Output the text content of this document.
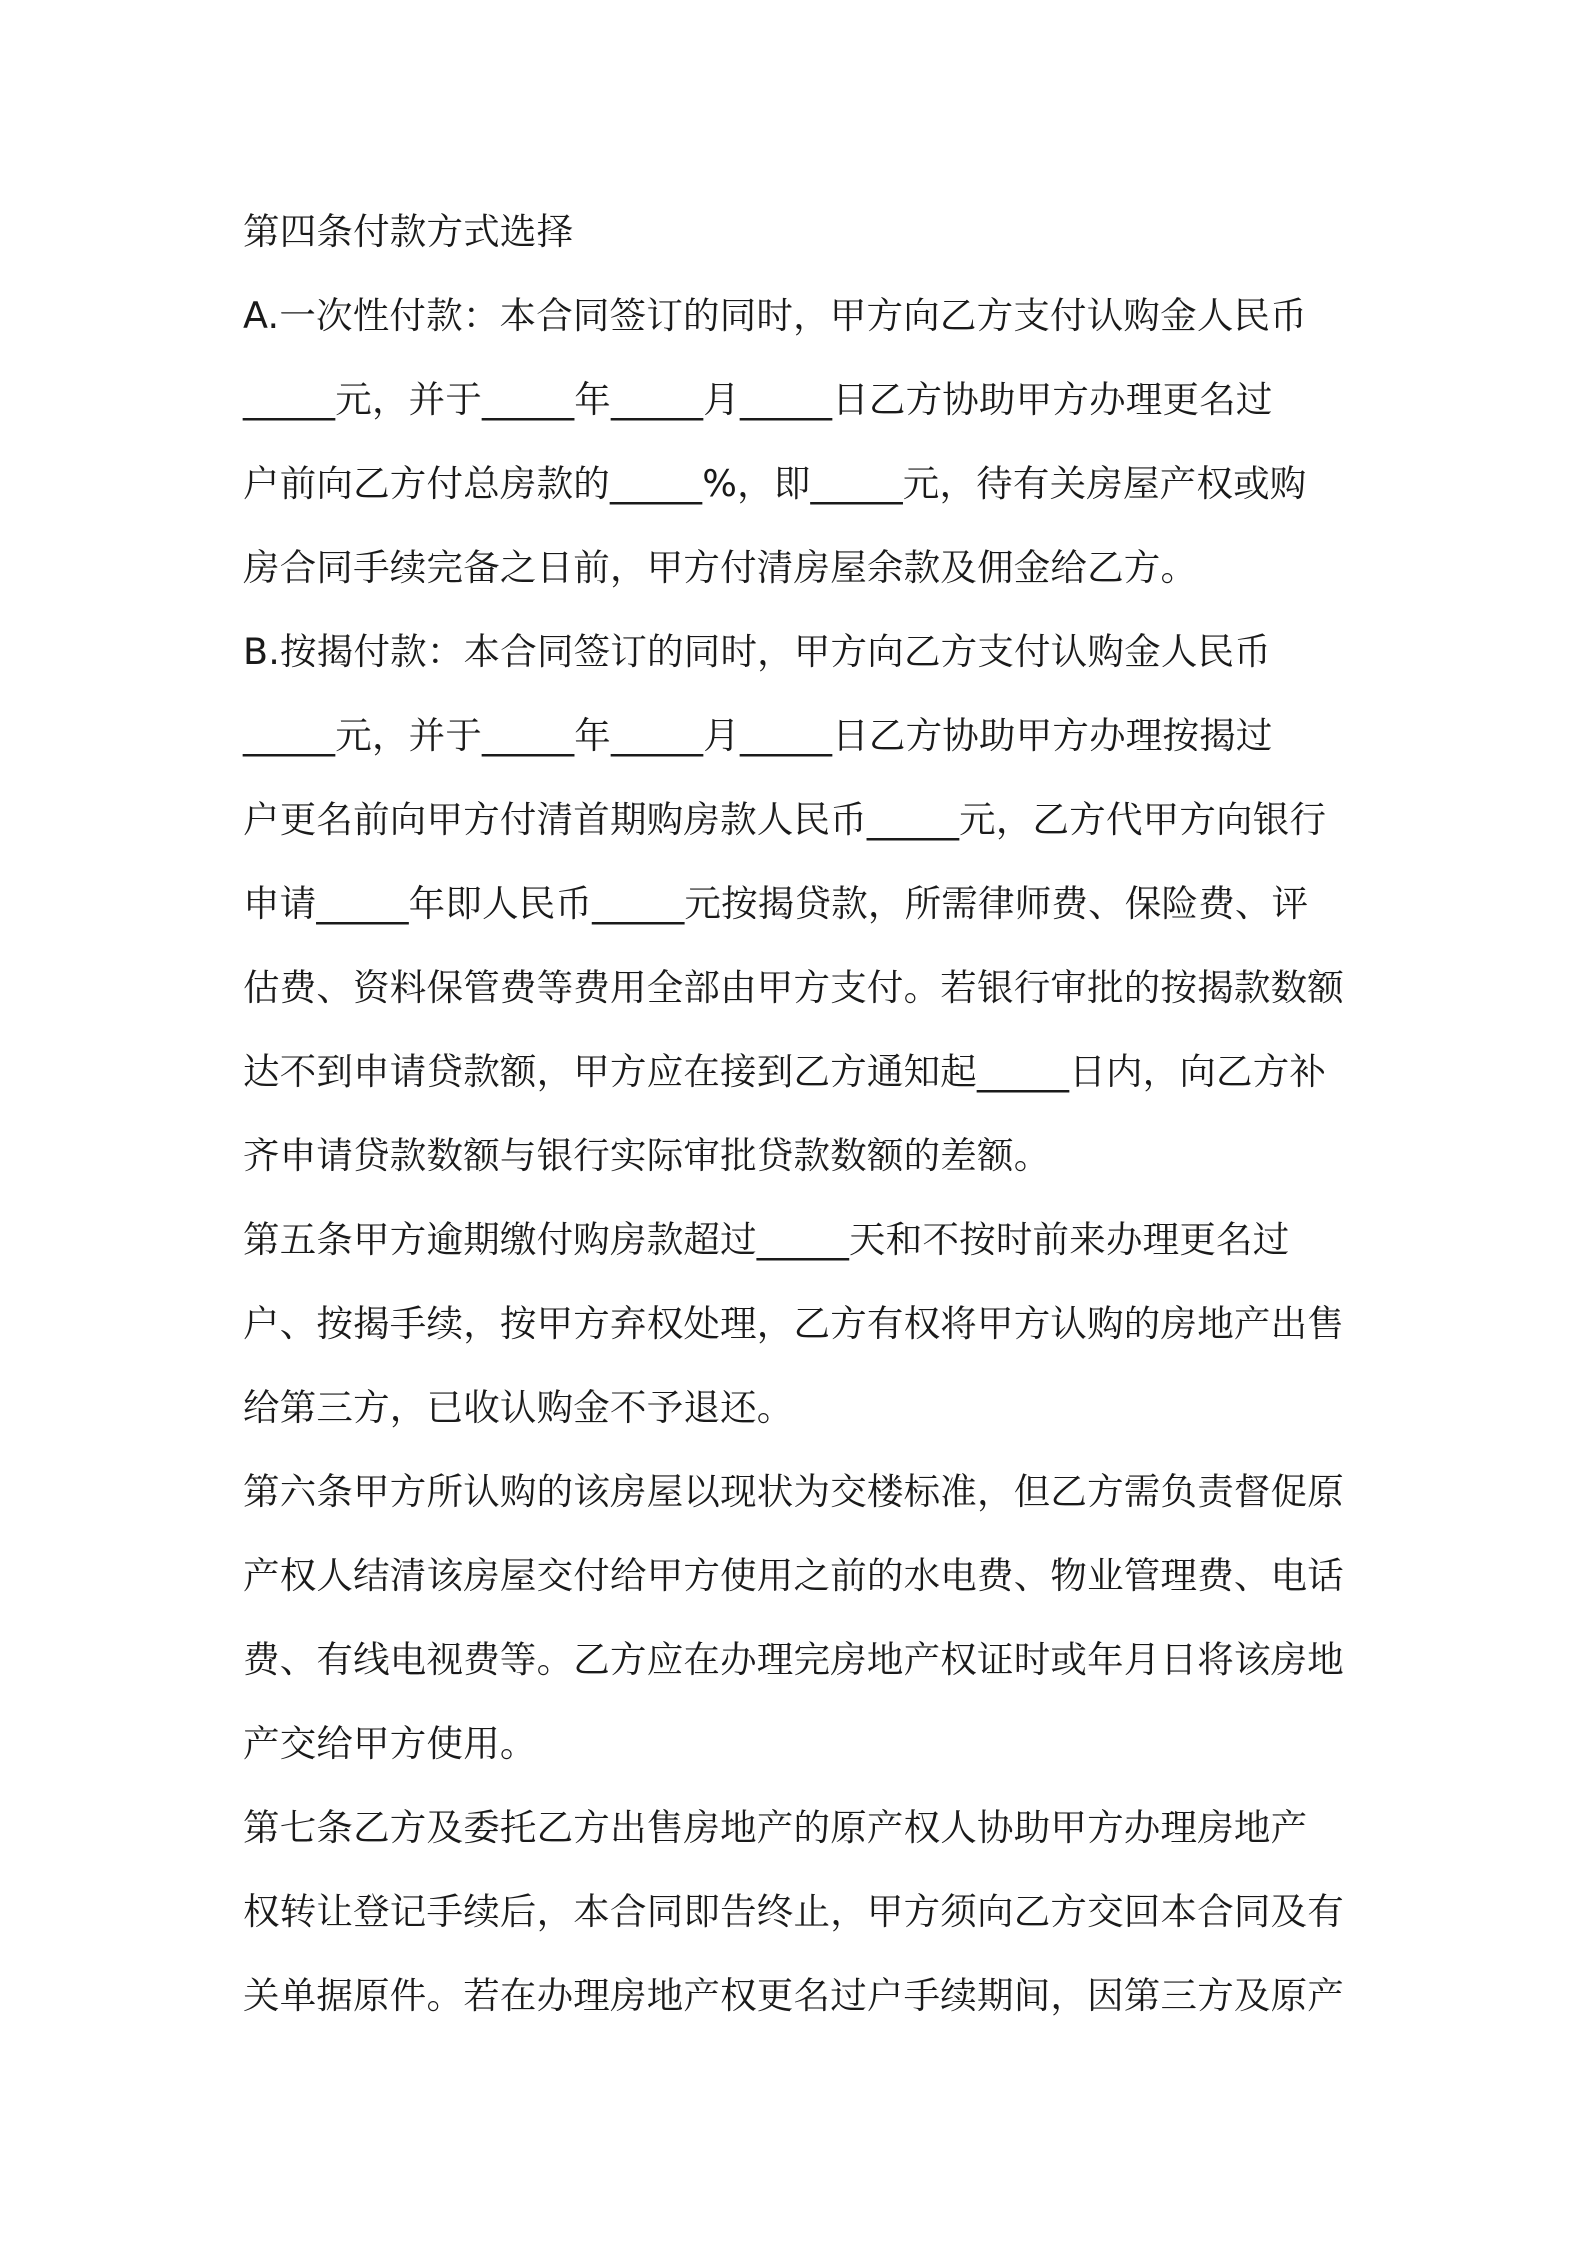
第四条付款方式选择
A.一次性付款：本合同签订的同时，甲方向乙方支付认购金人民币
_____元，并于_____年_____月_____日乙方协助甲方办理更名过
户前向乙方付总房款的_____%，即_____元，待有关房屋产权或购
房合同手续完备之日前，甲方付清房屋余款及佣金给乙方。
B.按揭付款：本合同签订的同时，甲方向乙方支付认购金人民币
_____元，并于_____年_____月_____日乙方协助甲方办理按揭过
户更名前向甲方付清首期购房款人民币_____元，乙方代甲方向银行
申请_____年即人民币_____元按揭贷款，所需律师费、保险费、评
估费、资料保管费等费用全部由甲方支付。若银行审批的按揭款数额
达不到申请贷款额，甲方应在接到乙方通知起_____日内，向乙方补
齐申请贷款数额与银行实际审批贷款数额的差额。
第五条甲方逾期缴付购房款超过_____天和不按时前来办理更名过
户、按揭手续，按甲方弃权处理，乙方有权将甲方认购的房地产出售
给第三方，已收认购金不予退还。
第六条甲方所认购的该房屋以现状为交楼标准，但乙方需负责督促原
产权人结清该房屋交付给甲方使用之前的水电费、物业管理费、电话
费、有线电视费等。乙方应在办理完房地产权证时或年月日将该房地
产交给甲方使用。
第七条乙方及委托乙方出售房地产的原产权人协助甲方办理房地产
权转让登记手续后，本合同即告终止，甲方须向乙方交回本合同及有
关单据原件。若在办理房地产权更名过户手续期间，因第三方及原产
